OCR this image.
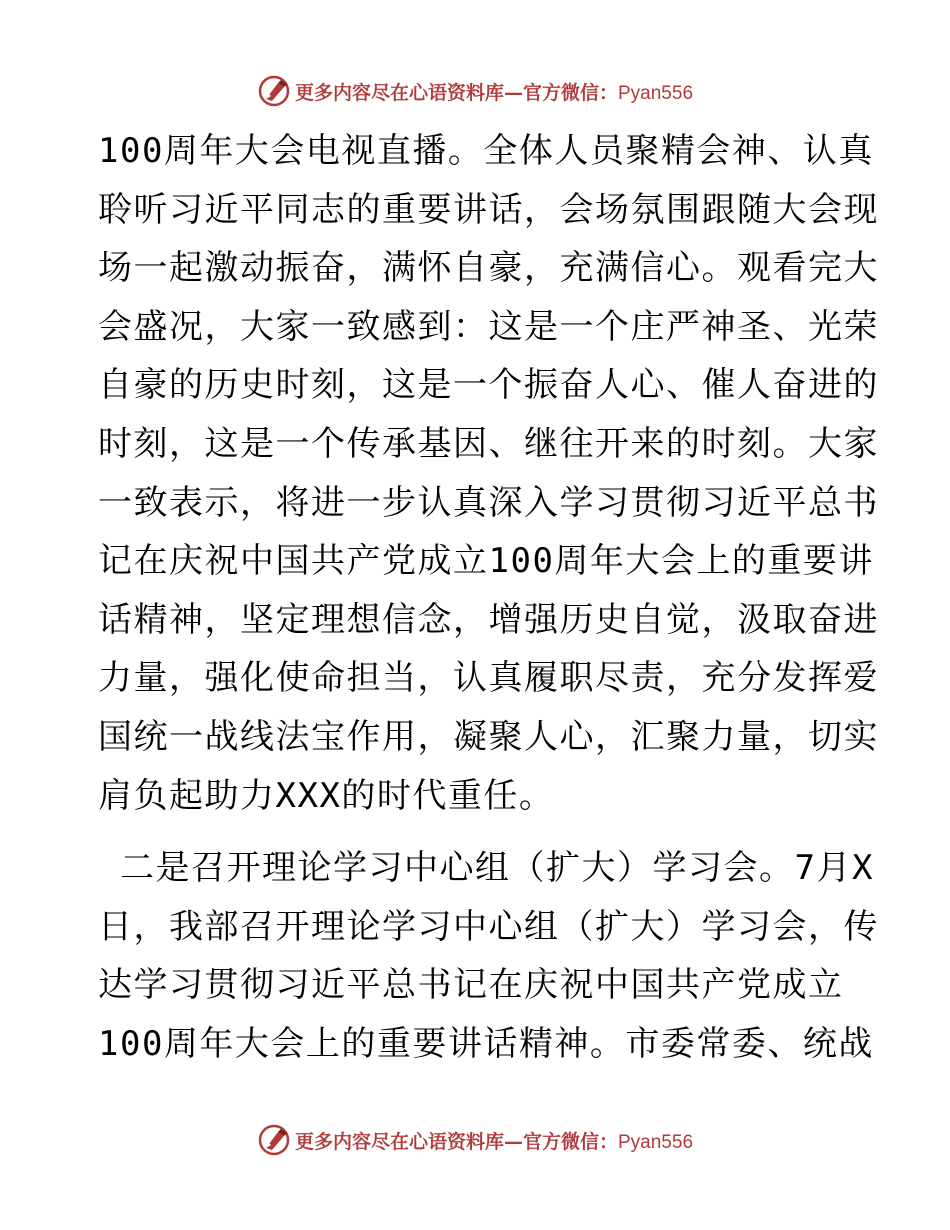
更多内容尽在心语资料库—官方微信：Pyan556

100周年大会电视直播。全体人员聚精会神、认真
聆听习近平同志的重要讲话，会场氛围跟随大会现
场一起激动振奋，满怀自豪，充满信心。观看完大
会盛况，大家一致感到：这是一个庄严神圣、光荣
自豪的历史时刻，这是一个振奋人心、催人奋进的
时刻，这是一个传承基因、继往开来的时刻。大家
一致表示，将进一步认真深入学习贯彻习近平总书
记在庆祝中国共产党成立100周年大会上的重要讲
话精神，坚定理想信念，增强历史自觉，汲取奋进
力量，强化使命担当，认真履职尽责，充分发挥爱
国统一战线法宝作用，凝聚人心，汇聚力量，切实
肩负起助力XXX的时代重任。

二是召开理论学习中心组（扩大）学习会。7月X
日，我部召开理论学习中心组（扩大）学习会，传
达学习贯彻习近平总书记在庆祝中国共产党成立
100周年大会上的重要讲话精神。市委常委、统战

更多内容尽在心语资料库—官方微信：Pyan556
